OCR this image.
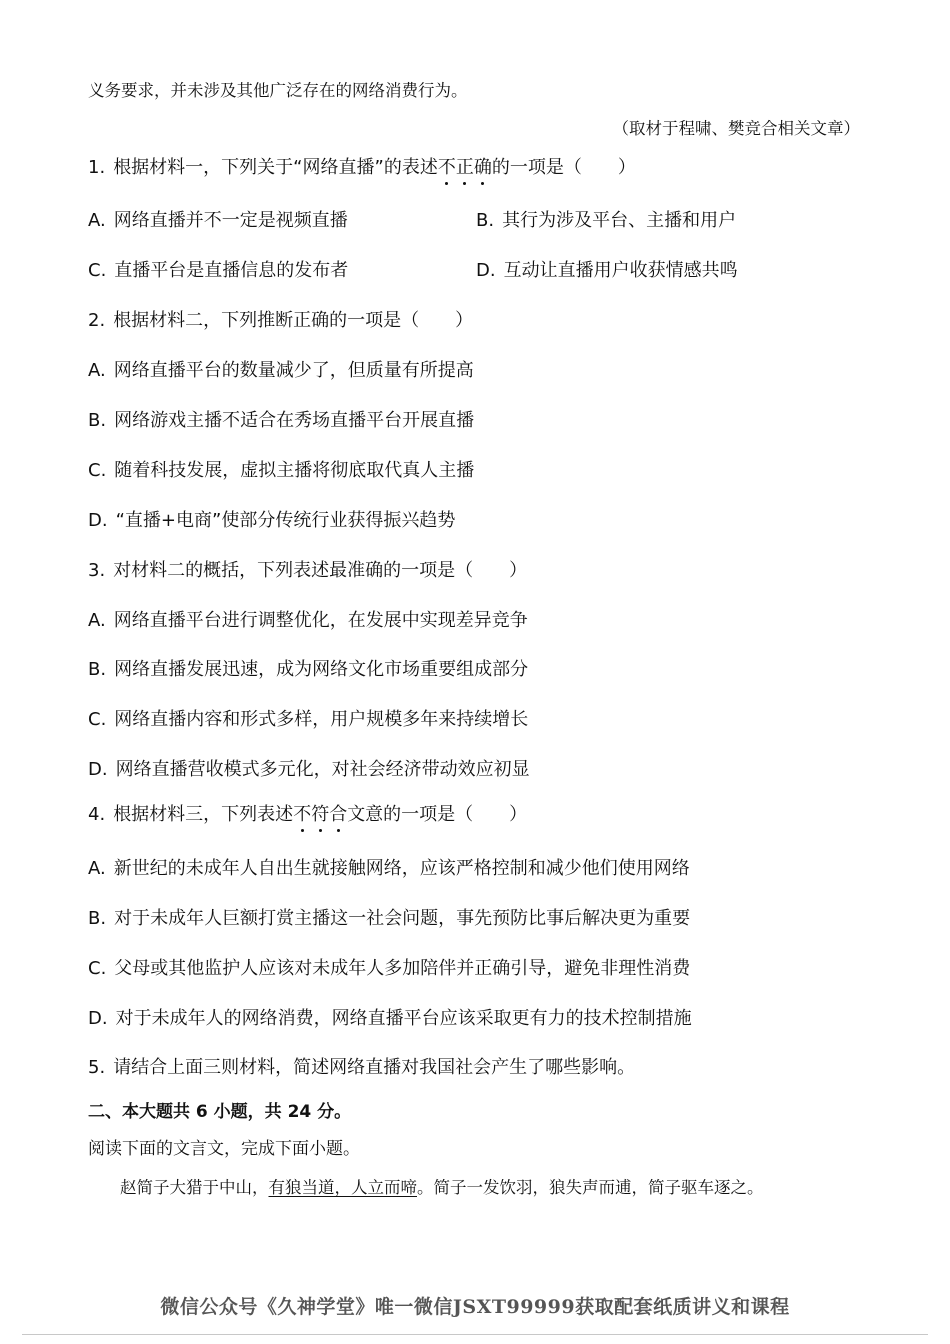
义务要求，并未涉及其他广泛存在的网络消费行为。
（取材于程啸、樊竞合相关文章）
1. 根据材料一，下列关于“网络直播”的表述不正确的一项是（　　）
A. 网络直播并不一定是视频直播	B. 其行为涉及平台、主播和用户
C. 直播平台是直播信息的发布者	D. 互动让直播用户收获情感共鸣
2. 根据材料二，下列推断正确的一项是（　　）
A. 网络直播平台的数量减少了，但质量有所提高
B. 网络游戏主播不适合在秀场直播平台开展直播
C. 随着科技发展，虚拟主播将彻底取代真人主播
D. “直播+电商”使部分传统行业获得振兴趋势
3. 对材料二的概括，下列表述最准确的一项是（　　）
A. 网络直播平台进行调整优化，在发展中实现差异竞争
B. 网络直播发展迅速，成为网络文化市场重要组成部分
C. 网络直播内容和形式多样，用户规模多年来持续增长
D. 网络直播营收模式多元化，对社会经济带动效应初显
4. 根据材料三，下列表述不符合文意的一项是（　　）
A. 新世纪的未成年人自出生就接触网络，应该严格控制和减少他们使用网络
B. 对于未成年人巨额打赏主播这一社会问题，事先预防比事后解决更为重要
C. 父母或其他监护人应该对未成年人多加陪伴并正确引导，避免非理性消费
D. 对于未成年人的网络消费，网络直播平台应该采取更有力的技术控制措施
5. 请结合上面三则材料，简述网络直播对我国社会产生了哪些影响。
二、本大题共 6 小题，共 24 分。
阅读下面的文言文，完成下面小题。
赵简子大猎于中山，有狼当道，人立而啼。简子一发饮羽，狼失声而逋，简子驱车逐之。
微信公众号《久神学堂》唯一微信JSXT99999获取配套纸质讲义和课程
